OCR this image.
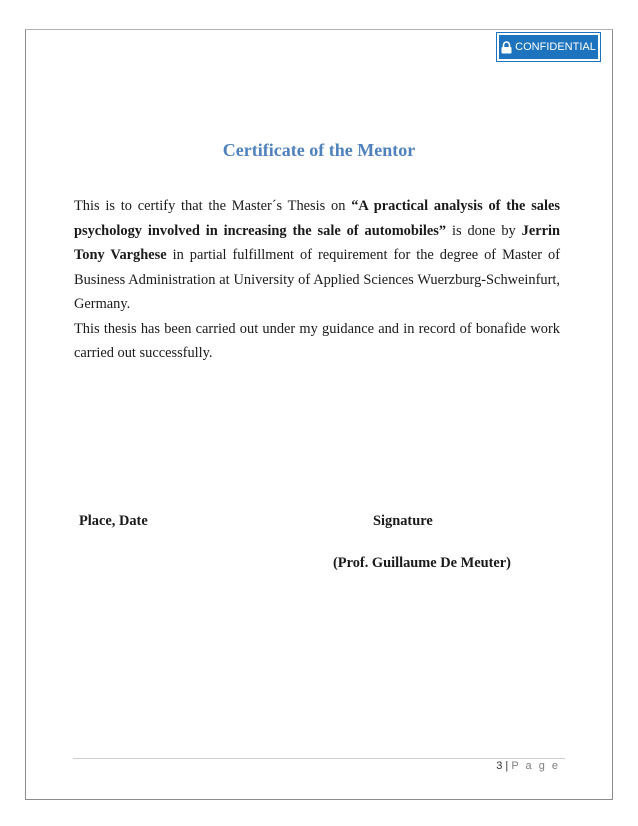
CONFIDENTIAL
Certificate of the Mentor

This is to certify that the Master´s Thesis on “A practical analysis of the sales psychology involved in increasing the sale of automobiles” is done by Jerrin Tony Varghese in partial fulfillment of requirement for the degree of Master of Business Administration at University of Applied Sciences Wuerzburg-Schweinfurt, Germany.

This thesis has been carried out under my guidance and in record of bonafide work carried out successfully.

Place, Date	Signature
(Prof. Guillaume De Meuter)
3 | P a g e
